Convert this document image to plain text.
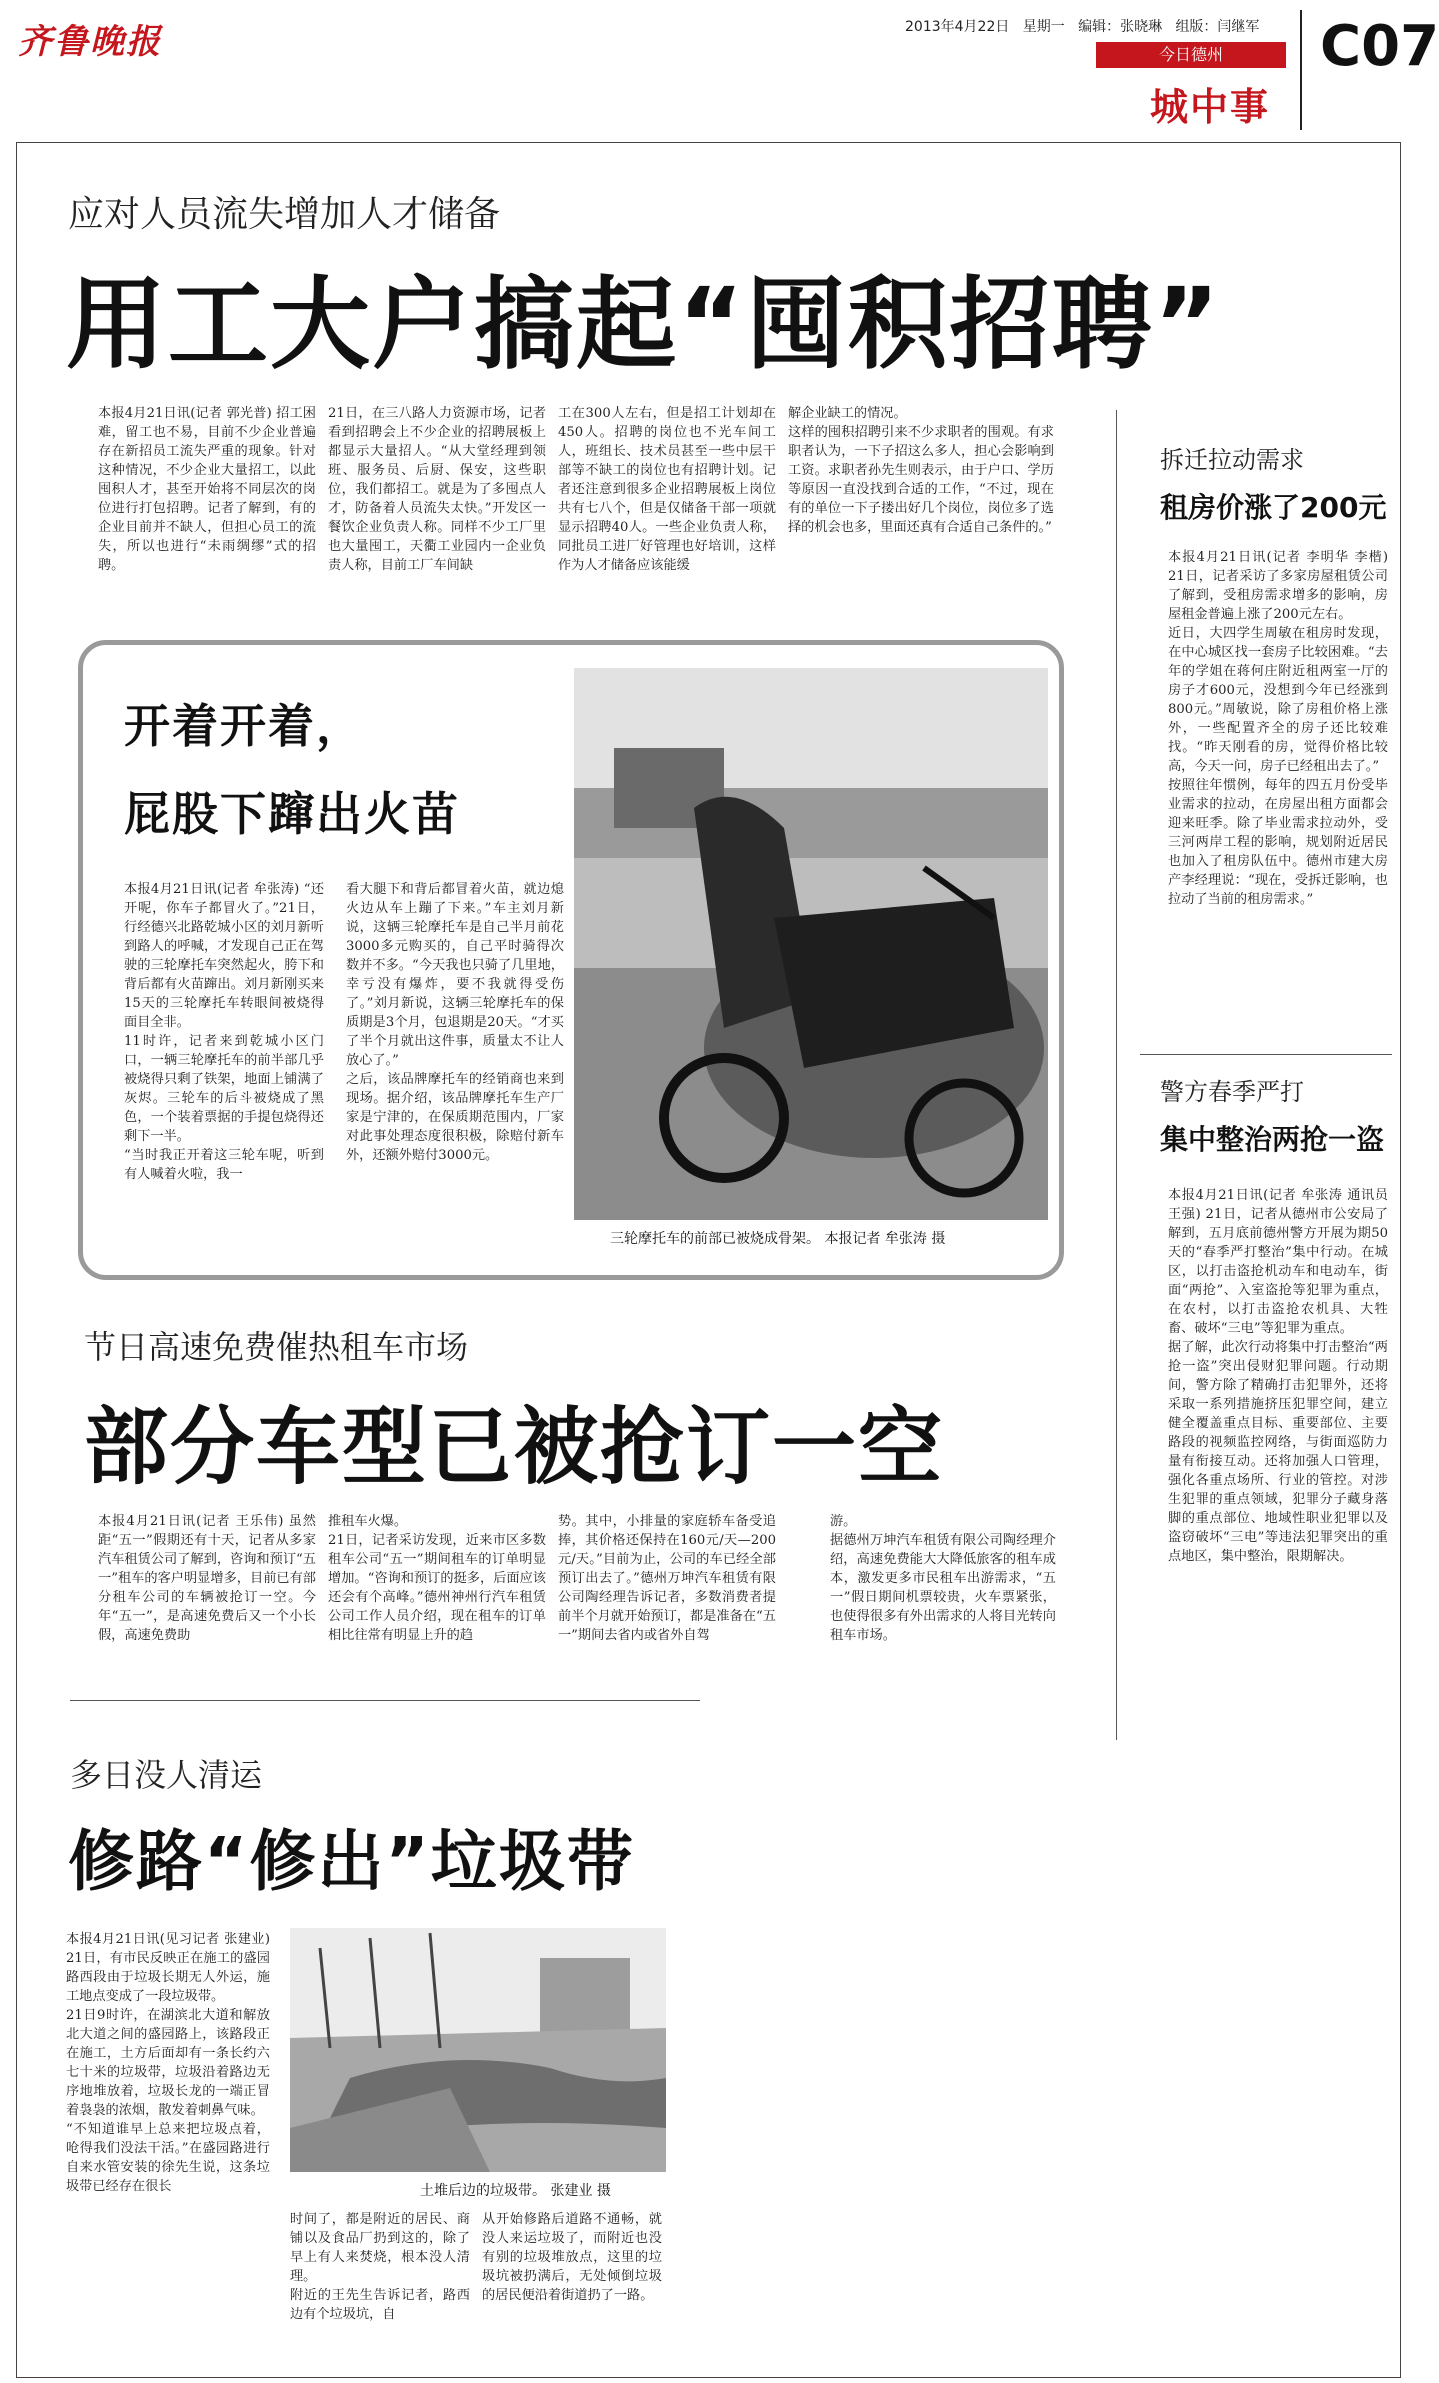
齐鲁晚报	2013年4月22日 星期一 编辑：张晓琳 组版：闫继军
今日德州
城中事
C07
应对人员流失增加人才储备
用工大户搞起“囤积招聘”
本报4月21日讯(记者 郭光普) 招工困难，留工也不易，目前不少企业普遍存在新招员工流失严重的现象。针对这种情况，不少企业大量招工，以此囤积人才，甚至开始将不同层次的岗位进行打包招聘。记者了解到，有的企业目前并不缺人，但担心员工的流失，所以也进行“未雨绸缪”式的招聘。
21日，在三八路人力资源市场，记者看到招聘会上不少企业的招聘展板上都显示大量招人。“从大堂经理到领班、服务员、后厨、保安，这些职位，我们都招工。就是为了多囤点人才，防备着人员流失太快。”开发区一餐饮企业负责人称。同样不少工厂里也大量囤工，天衢工业园内一企业负责人称，目前工厂车间缺
工在300人左右，但是招工计划却在450人。招聘的岗位也不光车间工人，班组长、技术员甚至一些中层干部等不缺工的岗位也有招聘计划。记者还注意到很多企业招聘展板上岗位共有七八个，但是仅储备干部一项就显示招聘40人。一些企业负责人称，同批员工进厂好管理也好培训，这样作为人才储备应该能缓
解企业缺工的情况。
这样的囤积招聘引来不少求职者的围观。有求职者认为，一下子招这么多人，担心会影响到工资。求职者孙先生则表示，由于户口、学历等原因一直没找到合适的工作，“不过，现在有的单位一下子搂出好几个岗位，岗位多了选择的机会也多，里面还真有合适自己条件的。”
开着开着，
屁股下蹿出火苗
本报4月21日讯(记者 牟张涛) “还开呢，你车子都冒火了。”21日，行经德兴北路乾城小区的刘月新听到路人的呼喊，才发现自己正在驾驶的三轮摩托车突然起火，胯下和背后都有火苗蹿出。刘月新刚买来15天的三轮摩托车转眼间被烧得面目全非。
11时许，记者来到乾城小区门口，一辆三轮摩托车的前半部几乎被烧得只剩了铁架，地面上铺满了灰烬。三轮车的后斗被烧成了黑色，一个装着票据的手提包烧得还剩下一半。
“当时我正开着这三轮车呢，听到有人喊着火啦，我一
看大腿下和背后都冒着火苗，就边熄火边从车上蹦了下来。”车主刘月新说，这辆三轮摩托车是自己半月前花3000多元购买的，自己平时骑得次数并不多。“今天我也只骑了几里地，幸亏没有爆炸，要不我就得受伤了。”刘月新说，这辆三轮摩托车的保质期是3个月，包退期是20天。“才买了半个月就出这件事，质量太不让人放心了。”
之后，该品牌摩托车的经销商也来到现场。据介绍，该品牌摩托车生产厂家是宁津的，在保质期范围内，厂家对此事处理态度很积极，除赔付新车外，还额外赔付3000元。
三轮摩托车的前部已被烧成骨架。 本报记者 牟张涛 摄
节日高速免费催热租车市场
部分车型已被抢订一空
本报4月21日讯(记者 王乐伟) 虽然距“五一”假期还有十天，记者从多家汽车租赁公司了解到，咨询和预订“五一”租车的客户明显增多，目前已有部分租车公司的车辆被抢订一空。今年“五一”，是高速免费后又一个小长假，高速免费助
推租车火爆。
21日，记者采访发现，近来市区多数租车公司“五一”期间租车的订单明显增加。“咨询和预订的挺多，后面应该还会有个高峰。”德州神州行汽车租赁公司工作人员介绍，现在租车的订单相比往常有明显上升的趋
势。其中，小排量的家庭轿车备受追捧，其价格还保持在160元/天—200元/天。”目前为止，公司的车已经全部预订出去了。”德州万坤汽车租赁有限公司陶经理告诉记者，多数消费者提前半个月就开始预订，都是准备在“五一”期间去省内或省外自驾
游。
据德州万坤汽车租赁有限公司陶经理介绍，高速免费能大大降低旅客的租车成本，激发更多市民租车出游需求，“五一”假日期间机票较贵，火车票紧张，也使得很多有外出需求的人将目光转向租车市场。
多日没人清运
修路“修出”垃圾带
本报4月21日讯(见习记者 张建业) 21日，有市民反映正在施工的盛园路西段由于垃圾长期无人外运，施工地点变成了一段垃圾带。
21日9时许，在湖滨北大道和解放北大道之间的盛园路上，该路段正在施工，土方后面却有一条长约六七十米的垃圾带，垃圾沿着路边无序地堆放着，垃圾长龙的一端正冒着袅袅的浓烟，散发着刺鼻气味。
“不知道谁早上总来把垃圾点着，呛得我们没法干活。”在盛园路进行自来水管安装的徐先生说，这条垃圾带已经存在很长	土堆后边的垃圾带。 张建业 摄
时间了，都是附近的居民、商铺以及食品厂扔到这的，除了早上有人来焚烧，根本没人清理。
附近的王先生告诉记者，路西边有个垃圾坑，自
从开始修路后道路不通畅，就没人来运垃圾了，而附近也没有别的垃圾堆放点，这里的垃圾坑被扔满后，无处倾倒垃圾的居民便沿着街道扔了一路。
拆迁拉动需求
租房价涨了200元
本报4月21日讯(记者 李明华 李楷) 21日，记者采访了多家房屋租赁公司了解到，受租房需求增多的影响，房屋租金普遍上涨了200元左右。
近日，大四学生周敏在租房时发现，在中心城区找一套房子比较困难。“去年的学姐在蒋何庄附近租两室一厅的房子才600元，没想到今年已经涨到800元。”周敏说，除了房租价格上涨外，一些配置齐全的房子还比较难找。“昨天刚看的房，觉得价格比较高，今天一问，房子已经租出去了。”
按照往年惯例，每年的四五月份受毕业需求的拉动，在房屋出租方面都会迎来旺季。除了毕业需求拉动外，受三河两岸工程的影响，规划附近居民也加入了租房队伍中。德州市建大房产李经理说：“现在，受拆迁影响，也拉动了当前的租房需求。”
警方春季严打
集中整治两抢一盗
本报4月21日讯(记者 牟张涛 通讯员 王强) 21日，记者从德州市公安局了解到，五月底前德州警方开展为期50天的“春季严打整治”集中行动。在城区，以打击盗抢机动车和电动车，街面“两抢”、入室盗抢等犯罪为重点，在农村，以打击盗抢农机具、大牲畜、破坏“三电”等犯罪为重点。
据了解，此次行动将集中打击整治“两抢一盗”突出侵财犯罪问题。行动期间，警方除了精确打击犯罪外，还将采取一系列措施挤压犯罪空间，建立健全覆盖重点目标、重要部位、主要路段的视频监控网络，与街面巡防力量有衔接互动。还将加强人口管理，强化各重点场所、行业的管控。对涉生犯罪的重点领域，犯罪分子藏身落脚的重点部位、地域性职业犯罪以及盗窃破坏“三电”等违法犯罪突出的重点地区，集中整治，限期解决。
